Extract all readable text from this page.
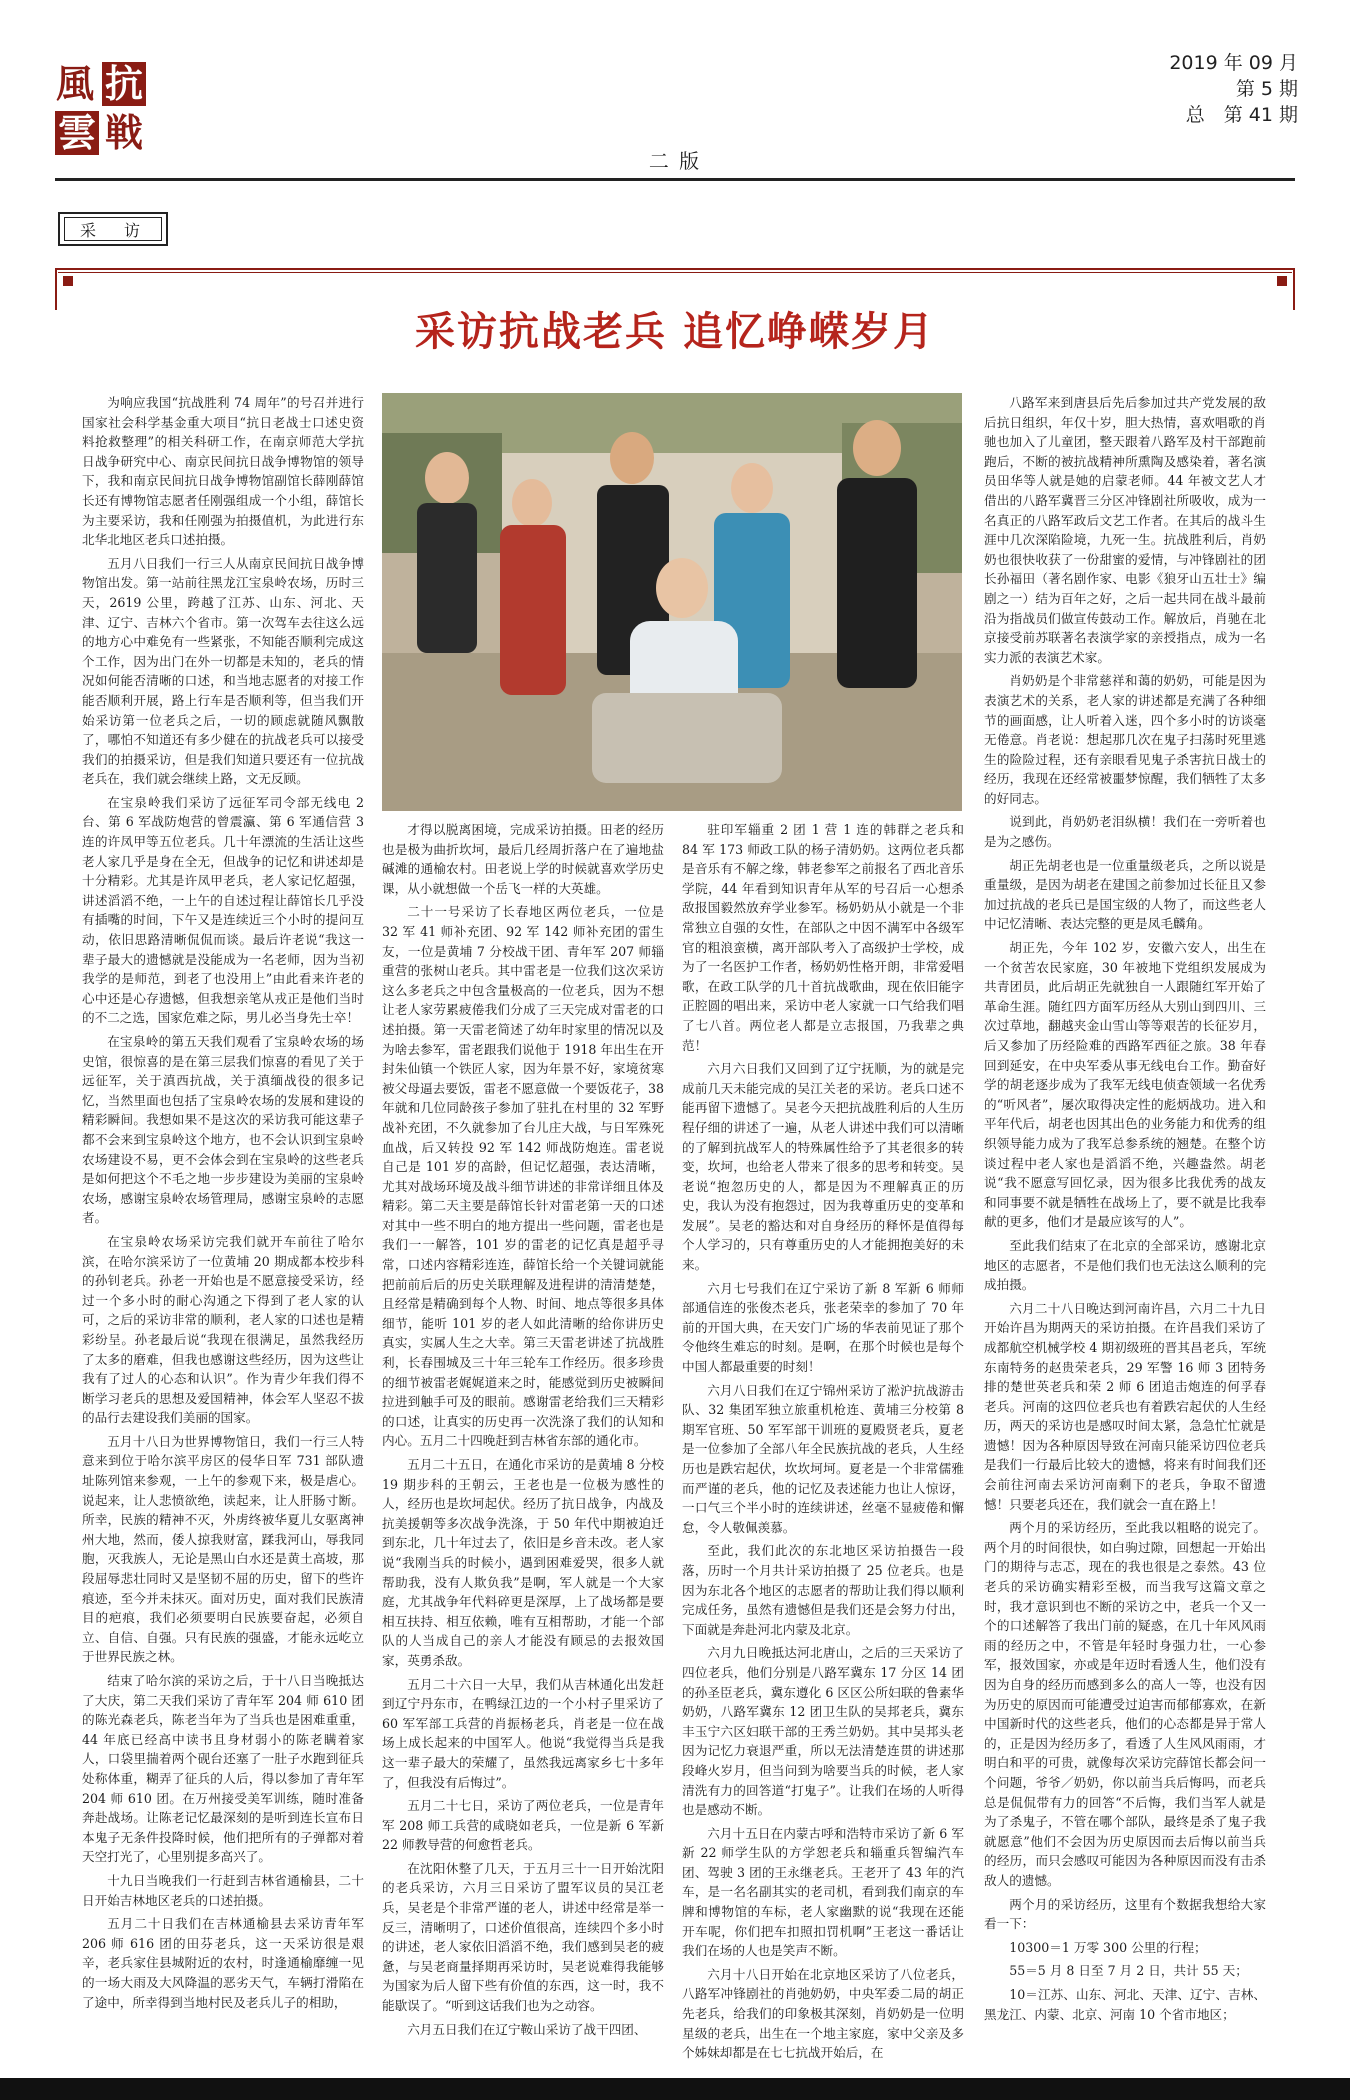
風 抗
雲 戦
2019 年 09 月
第 5 期
总　第 41 期
二 版
采　访
采访抗战老兵 追忆峥嵘岁月

为响应我国“抗战胜利 74 周年”的号召并进行国家社会科学基金重大项目“抗日老战士口述史资料抢救整理”的相关科研工作，在南京师范大学抗日战争研究中心、南京民间抗日战争博物馆的领导下，我和南京民间抗日战争博物馆副馆长薛刚薛馆长还有博物馆志愿者任刚强组成一个小组，薛馆长为主要采访，我和任刚强为拍摄值机，为此进行东北华北地区老兵口述拍摄。

五月八日我们一行三人从南京民间抗日战争博物馆出发。第一站前往黑龙江宝泉岭农场，历时三天，2619 公里，跨越了江苏、山东、河北、天津、辽宁、吉林六个省市。第一次驾车去往这么远的地方心中难免有一些紧张，不知能否顺利完成这个工作，因为出门在外一切都是未知的，老兵的情况如何能否清晰的口述，和当地志愿者的对接工作能否顺利开展，路上行车是否顺利等，但当我们开始采访第一位老兵之后，一切的顾虑就随风飘散了，哪怕不知道还有多少健在的抗战老兵可以接受我们的拍摄采访，但是我们知道只要还有一位抗战老兵在，我们就会继续上路，文无反顾。

在宝泉岭我们采访了远征军司令部无线电 2 台、第 6 军战防炮营的曾震瀛、第 6 军通信营 3 连的许凤甲等五位老兵。几十年漂流的生活让这些老人家几乎是身在全无，但战争的记忆和讲述却是十分精彩。尤其是许凤甲老兵，老人家记忆超强，讲述滔滔不绝，一上午的自述过程让薛馆长几乎没有插嘴的时间，下午又是连续近三个小时的提问互动，依旧思路清晰侃侃而谈。最后许老说“我这一辈子最大的遗憾就是没能成为一名老师，因为当初我学的是师范，到老了也没用上”由此看来许老的心中还是心存遗憾，但我想亲笔从戎正是他们当时的不二之选，国家危难之际，男儿必当身先士卒！

在宝泉岭的第五天我们观看了宝泉岭农场的场史馆，很惊喜的是在第三层我们惊喜的看见了关于远征军，关于滇西抗战，关于滇缅战役的很多记忆，当然里面也包括了宝泉岭农场的发展和建设的精彩瞬间。我想如果不是这次的采访我可能这辈子都不会来到宝泉岭这个地方，也不会认识到宝泉岭农场建设不易，更不会体会到在宝泉岭的这些老兵是如何把这个不毛之地一步步建设为美丽的宝泉岭农场，感谢宝泉岭农场管理局，感谢宝泉岭的志愿者。

在宝泉岭农场采访完我们就开车前往了哈尔滨，在哈尔滨采访了一位黄埔 20 期成都本校步科的孙钊老兵。孙老一开始也是不愿意接受采访，经过一个多小时的耐心沟通之下得到了老人家的认可，之后的采访非常的顺利，老人家的口述也是精彩纷呈。孙老最后说“我现在很满足，虽然我经历了太多的磨难，但我也感谢这些经历，因为这些让我有了过人的心态和认识”。作为青少年我们得不断学习老兵的思想及爱国精神，体会军人坚忍不拔的品行去建设我们美丽的国家。

五月十八日为世界博物馆日，我们一行三人特意来到位于哈尔滨平房区的侵华日军 731 部队遗址陈列馆来参观，一上午的参观下来，极是虐心。说起来，让人悲愤欲绝，读起来，让人肝肠寸断。所幸，民族的精神不灭，外虏终被华夏儿女驱离神州大地，然而，倭人掠我财富，蹂我河山，辱我同胞，灭我族人，无论是黑山白水还是黄土高坡，那段屈辱悲壮同时又是坚韧不屈的历史，留下的些许痕迹，至今并未抹灭。面对历史，面对我们民族清目的疤痕，我们必须要明白民族要奋起，必须自立、自信、自强。只有民族的强盛，才能永远屹立于世界民族之林。

结束了哈尔滨的采访之后，于十八日当晚抵达了大庆，第二天我们采访了青年军 204 师 610 团的陈光森老兵，陈老当年为了当兵也是困难重重，44 年底已经高中读书且身材弱小的陈老瞒着家人，口袋里揣着两个砚台还塞了一肚子水跑到征兵处称体重，糊弄了征兵的人后，得以参加了青年军 204 师 610 团。在万州接受美军训练，随时准备奔赴战场。让陈老记忆最深刻的是听到连长宣布日本鬼子无条件投降时候，他们把所有的子弹都对着天空打光了，心里别提多高兴了。

十九日当晚我们一行赶到吉林省通榆县，二十日开始吉林地区老兵的口述拍摄。

五月二十日我们在吉林通榆县去采访青年军 206 师 616 团的田芬老兵，这一天采访很是艰辛，老兵家住县城附近的农村，时逢通榆靡缠一见的一场大雨及大风降温的恶劣天气，车辆打滑陷在了途中，所幸得到当地村民及老兵儿子的相助，

才得以脱离困境，完成采访拍摄。田老的经历也是极为曲折坎坷，最后几经周折落户在了遍地盐碱滩的通榆农村。田老说上学的时候就喜欢学历史课，从小就想做一个岳飞一样的大英雄。

二十一号采访了长春地区两位老兵，一位是 32 军 41 师补充团、92 军 142 师补充团的雷生友，一位是黄埔 7 分校战干团、青年军 207 师辎重营的张树山老兵。其中雷老是一位我们这次采访这么多老兵之中包含量极高的一位老兵，因为不想让老人家劳累疲倦我们分成了三天完成对雷老的口述拍摄。第一天雷老简述了幼年时家里的情况以及为啥去参军，雷老跟我们说他于 1918 年出生在开封朱仙镇一个铁匠人家，因为年景不好，家境贫寒被父母逼去要饭，雷老不愿意做一个要饭花子，38 年就和几位同龄孩子参加了驻扎在村里的 32 军野战补充团，不久就参加了台儿庄大战，与日军殊死血战，后又转投 92 军 142 师战防炮连。雷老说自己是 101 岁的高龄，但记忆超强，表达清晰，尤其对战场环境及战斗细节讲述的非常详细且体及精彩。第二天主要是薛馆长针对雷老第一天的口述对其中一些不明白的地方提出一些问题，雷老也是我们一一解答，101 岁的雷老的记忆真是超乎寻常，口述内容精彩连连，薛馆长给一个关键词就能把前前后后的历史关联理解及进程讲的清清楚楚，且经常是精确到每个人物、时间、地点等很多具体细节，能听 101 岁的老人如此清晰的给你讲历史真实，实属人生之大幸。第三天雷老讲述了抗战胜利，长春围城及三十年三轮车工作经历。很多珍贵的细节被雷老娓娓道来之时，能感觉到历史被瞬间拉进到触手可及的眼前。感谢雷老给我们三天精彩的口述，让真实的历史再一次洗涤了我们的认知和内心。五月二十四晚赶到吉林省东部的通化市。

五月二十五日，在通化市采访的是黄埔 8 分校 19 期步科的王朝云，王老也是一位极为感性的人，经历也是坎坷起伏。经历了抗日战争，内战及抗美援朝等多次战争洗涤，于 50 年代中期被迫迁到东北，几十年过去了，依旧是乡音未改。老人家说“我刚当兵的时候小，遇到困难爱哭，很多人就帮助我，没有人欺负我”是啊，军人就是一个大家庭，尤其战争年代料碎更是深厚，上了战场都是要相互扶持、相互依赖，唯有互相帮助，才能一个部队的人当成自己的亲人才能没有顾忌的去报效国家，英勇杀敌。

五月二十六日一大早，我们从吉林通化出发赶到辽宁丹东市，在鸭绿江边的一个小村子里采访了 60 军军部工兵营的肖振杨老兵，肖老是一位在战场上成长起来的中国军人。他说“我觉得当兵是我这一辈子最大的荣耀了，虽然我远离家乡七十多年了，但我没有后悔过”。

五月二十七日，采访了两位老兵，一位是青年军 208 师工兵营的咸晓如老兵，一位是新 6 军新 22 师教导营的何愈哲老兵。

在沈阳休整了几天，于五月三十一日开始沈阳的老兵采访，六月三日采访了盟军议员的吴江老兵，吴老是个非常严谨的老人，讲述中经常是举一反三，清晰明了，口述价值很高，连续四个多小时的讲述，老人家依旧滔滔不绝，我们感到吴老的疲惫，与吴老商量择期再采访时，吴老说难得我能够为国家为后人留下些有价值的东西，这一时，我不能歇误了。“听到这话我们也为之动容。

六月五日我们在辽宁鞍山采访了战干四团、

驻印军辎重 2 团 1 营 1 连的韩群之老兵和 84 军 173 师政工队的杨子清奶奶。这两位老兵都是音乐有不解之缘，韩老参军之前报名了西北音乐学院，44 年看到知识青年从军的号召后一心想杀敌报国毅然放弃学业参军。杨奶奶从小就是一个非常独立自强的女性，在部队之中因不满军中各级军官的粗浪蛮横，离开部队考入了高级护士学校，成为了一名医护工作者，杨奶奶性格开朗，非常爱唱歌，在政工队学的几十首抗战歌曲，现在依旧能字正腔圆的唱出来，采访中老人家就一口气给我们唱了七八首。两位老人都是立志报国，乃我辈之典范！

六月六日我们又回到了辽宁抚顺，为的就是完成前几天未能完成的吴江关老的采访。老兵口述不能再留下遗憾了。吴老今天把抗战胜利后的人生历程仔细的讲述了一遍，从老人讲述中我们可以清晰的了解到抗战军人的特殊属性给予了其老很多的转变，坎坷，也给老人带来了很多的思考和转变。吴老说“抱忽历史的人，都是因为不理解真正的历史，我认为没有抱怨过，因为我尊重历史的变革和发展”。吴老的豁达和对自身经历的释怀是值得每个人学习的，只有尊重历史的人才能拥抱美好的未来。

六月七号我们在辽宁采访了新 8 军新 6 师师部通信连的张俊杰老兵，张老荣幸的参加了 70 年前的开国大典，在天安门广场的华表前见证了那个令他终生难忘的时刻。是啊，在那个时候也是每个中国人都最重要的时刻！

六月八日我们在辽宁锦州采访了淞沪抗战游击队、32 集团军独立旅重机枪连、黄埔三分校第 8 期军官班、50 军军部干训班的夏殿贤老兵，夏老是一位参加了全部八年全民族抗战的老兵，人生经历也是跌宕起伏，坎坎坷坷。夏老是一个非常儒雅而严谨的老兵，他的记忆及表述能力也让人惊讶，一口气三个半小时的连续讲述，丝毫不显疲倦和懈怠，令人敬佩羡慕。

至此，我们此次的东北地区采访拍摄告一段落，历时一个月共计采访拍摄了 25 位老兵。也是因为东北各个地区的志愿者的帮助让我们得以顺利完成任务，虽然有遗憾但是我们还是会努力付出，下面就是奔赴河北内蒙及北京。

六月九日晚抵达河北唐山，之后的三天采访了四位老兵，他们分别是八路军冀东 17 分区 14 团的孙圣臣老兵，冀东遵化 6 区区公所妇联的鲁素华奶奶，八路军冀东 12 团卫生队的吴邦老兵，冀东丰玉宁六区妇联干部的王秀兰奶奶。其中吴邦头老因为记忆力衰退严重，所以无法清楚连贯的讲述那段峰火岁月，但当问到为啥要当兵的时候，老人家清洗有力的回答道“打鬼子”。让我们在场的人听得也是感动不断。

六月十五日在内蒙古呼和浩特市采访了新 6 军新 22 师学生队的方学恕老兵和辎重兵智编汽车团、驾驶 3 团的王永继老兵。王老开了 43 年的汽车，是一名名副其实的老司机，看到我们南京的车牌和博物馆的车标，老人家幽默的说“我现在还能开车呢，你们把车扣照扣罚机啊”王老这一番话让我们在场的人也是笑声不断。

六月十八日开始在北京地区采访了八位老兵，八路军冲锋剧社的肖弛奶奶，中央军委二局的胡正先老兵，给我们的印象极其深刻，肖奶奶是一位明星级的老兵，出生在一个地主家庭，家中父亲及多个姊妹却都是在七七抗战开始后，在

八路军来到唐县后先后参加过共产党发展的敌后抗日组织，年仅十岁，胆大热情，喜欢唱歌的肖驰也加入了儿童团，整天跟着八路军及村干部跑前跑后，不断的被抗战精神所熏陶及感染着，著名演员田华等人就是她的启蒙老师。44 年被文艺人才借出的八路军冀晋三分区冲锋剧社所吸收，成为一名真正的八路军政后文艺工作者。在其后的战斗生涯中几次深陷险境，九死一生。抗战胜利后，肖奶奶也很快收获了一份甜蜜的爱情，与冲锋剧社的团长孙福田（著名剧作家、电影《狼牙山五壮士》编剧之一）结为百年之好，之后一起共同在战斗最前沿为指战员们做宣传鼓动工作。解放后，肖驰在北京接受前苏联著名表演学家的亲授指点，成为一名实力派的表演艺术家。

肖奶奶是个非常慈祥和蔼的奶奶，可能是因为表演艺术的关系，老人家的讲述都是充满了各种细节的画面感，让人听着入迷，四个多小时的访谈毫无倦意。肖老说：想起那几次在鬼子扫荡时死里逃生的险险过程，还有亲眼看见鬼子杀害抗日战士的经历，我现在还经常被噩梦惊醒，我们牺牲了太多的好同志。

说到此，肖奶奶老泪纵横！我们在一旁听着也是为之感伤。

胡正先胡老也是一位重量级老兵，之所以说是重量级，是因为胡老在建国之前参加过长征且又参加过抗战的老兵已是国宝级的人物了，而这些老人中记忆清晰、表达完整的更是凤毛麟角。

胡正先，今年 102 岁，安徽六安人，出生在一个贫苦农民家庭，30 年被地下党组织发展成为共青团员，此后胡正先就独自一人跟随红军开始了革命生涯。随红四方面军历经从大别山到四川、三次过草地，翻越夹金山雪山等等艰苦的长征岁月，后又参加了历经险难的西路军西征之旅。38 年春回到延安，在中央军委从事无线电台工作。勤奋好学的胡老逐步成为了我军无线电侦查领域一名优秀的“听风者”，屡次取得决定性的彪炳战功。进入和平年代后，胡老也因其出色的业务能力和优秀的组织领导能力成为了我军总参系统的翘楚。在整个访谈过程中老人家也是滔滔不绝，兴趣盎然。胡老说“我不愿意写回忆录，因为很多比我优秀的战友和同事要不就是牺牲在战场上了，要不就是比我奉献的更多，他们才是最应该写的人”。

至此我们结束了在北京的全部采访，感谢北京地区的志愿者，不是他们我们也无法这么顺利的完成拍摄。

六月二十八日晚达到河南许昌，六月二十九日开始许昌为期两天的采访拍摄。在许昌我们采访了成都航空机械学校 4 期初级班的晋其昌老兵，军统东南特务的赵贵荣老兵，29 军警 16 师 3 团特务排的楚世英老兵和荣 2 师 6 团追击炮连的何孚春老兵。河南的这四位老兵也有着跌宕起伏的人生经历，两天的采访也是感叹时间太紧，急急忙忙就是遗憾！因为各种原因导致在河南只能采访四位老兵是我们一行最后比较大的遗憾，将来有时间我们还会前往河南去采访河南剩下的老兵，争取不留遗憾！只要老兵还在，我们就会一直在路上！

两个月的采访经历，至此我以粗略的说完了。两个月的时间很快，如白驹过隙，回想起一开始出门的期待与志忑，现在的我也很是之泰然。43 位老兵的采访确实精彩至极，而当我写这篇文章之时，我才意识到也不断的采访之中，老兵一个又一个的口述解答了我出门前的疑惑，在几十年风风雨雨的经历之中，不管是年轻时身强力壮，一心参军，报效国家，亦或是年迈时看透人生，他们没有因为自身的经历而感到多么的高人一等，也没有因为历史的原因而可能遭受过迫害而郁郁寡欢，在新中国新时代的这些老兵，他们的心态都是异于常人的，正是因为经历多了，看透了人生风风雨雨，才明白和平的可贵，就像每次采访完薛馆长都会问一个问题，爷爷／奶奶，你以前当兵后悔吗，而老兵总是侃侃带有力的回答“不后悔，我们当军人就是为了杀鬼子，不管在哪个部队，最终是杀了鬼子我就愿意”他们不会因为历史原因而去后悔以前当兵的经历，而只会感叹可能因为各种原因而没有击杀敌人的遗憾。

两个月的采访经历，这里有个数据我想给大家看一下：

10300＝1 万零 300 公里的行程；

55＝5 月 8 日至 7 月 2 日，共计 55 天；

10＝江苏、山东、河北、天津、辽宁、吉林、黑龙江、内蒙、北京、河南 10 个省市地区；
